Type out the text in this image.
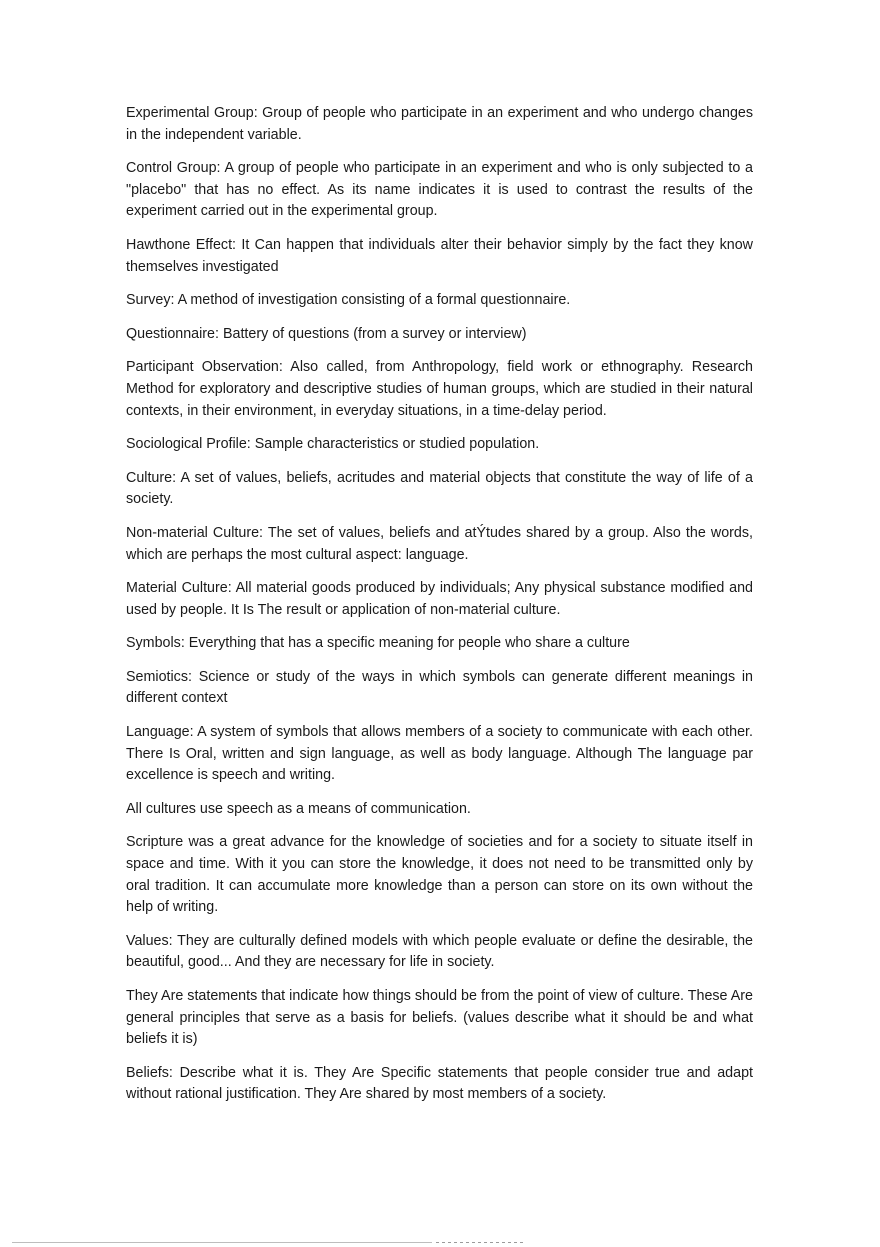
Experimental Group: Group of people who participate in an experiment and who undergo changes in the independent variable.

Control Group: A group of people who participate in an experiment and who is only subjected to a "placebo" that has no effect. As its name indicates it is used to contrast the results of the experiment carried out in the experimental group.

Hawthone Effect: It Can happen that individuals alter their behavior simply by the fact they know themselves investigated

Survey: A method of investigation consisting of a formal questionnaire.

Questionnaire: Battery of questions (from a survey or interview)

Participant Observation: Also called, from Anthropology, field work or ethnography. Research Method for exploratory and descriptive studies of human groups, which are studied in their natural contexts, in their environment, in everyday situations, in a time-delay period.

Sociological Profile: Sample characteristics or studied population.

Culture: A set of values, beliefs, acritudes and material objects that constitute the way of life of a society.

Non-material Culture: The set of values, beliefs and atÝtudes shared by a group. Also the words, which are perhaps the most cultural aspect: language.

Material Culture: All material goods produced by individuals; Any physical substance modified and used by people. It Is The result or application of non-material culture.

Symbols: Everything that has a specific meaning for people who share a culture

Semiotics: Science or study of the ways in which symbols can generate different meanings in different context

Language: A system of symbols that allows members of a society to communicate with each other. There Is Oral, written and sign language, as well as body language. Although The language par excellence is speech and writing.

All cultures use speech as a means of communication.

Scripture was a great advance for the knowledge of societies and for a society to situate itself in space and time. With it you can store the knowledge, it does not need to be transmitted only by oral tradition. It can accumulate more knowledge than a person can store on its own without the help of writing.

Values: They are culturally defined models with which people evaluate or define the desirable, the beautiful, good... And they are necessary for life in society.

They Are statements that indicate how things should be from the point of view of culture. These Are general principles that serve as a basis for beliefs. (values describe what it should be and what beliefs it is)

Beliefs: Describe what it is. They Are Specific statements that people consider true and adapt without rational justification. They Are shared by most members of a society.
